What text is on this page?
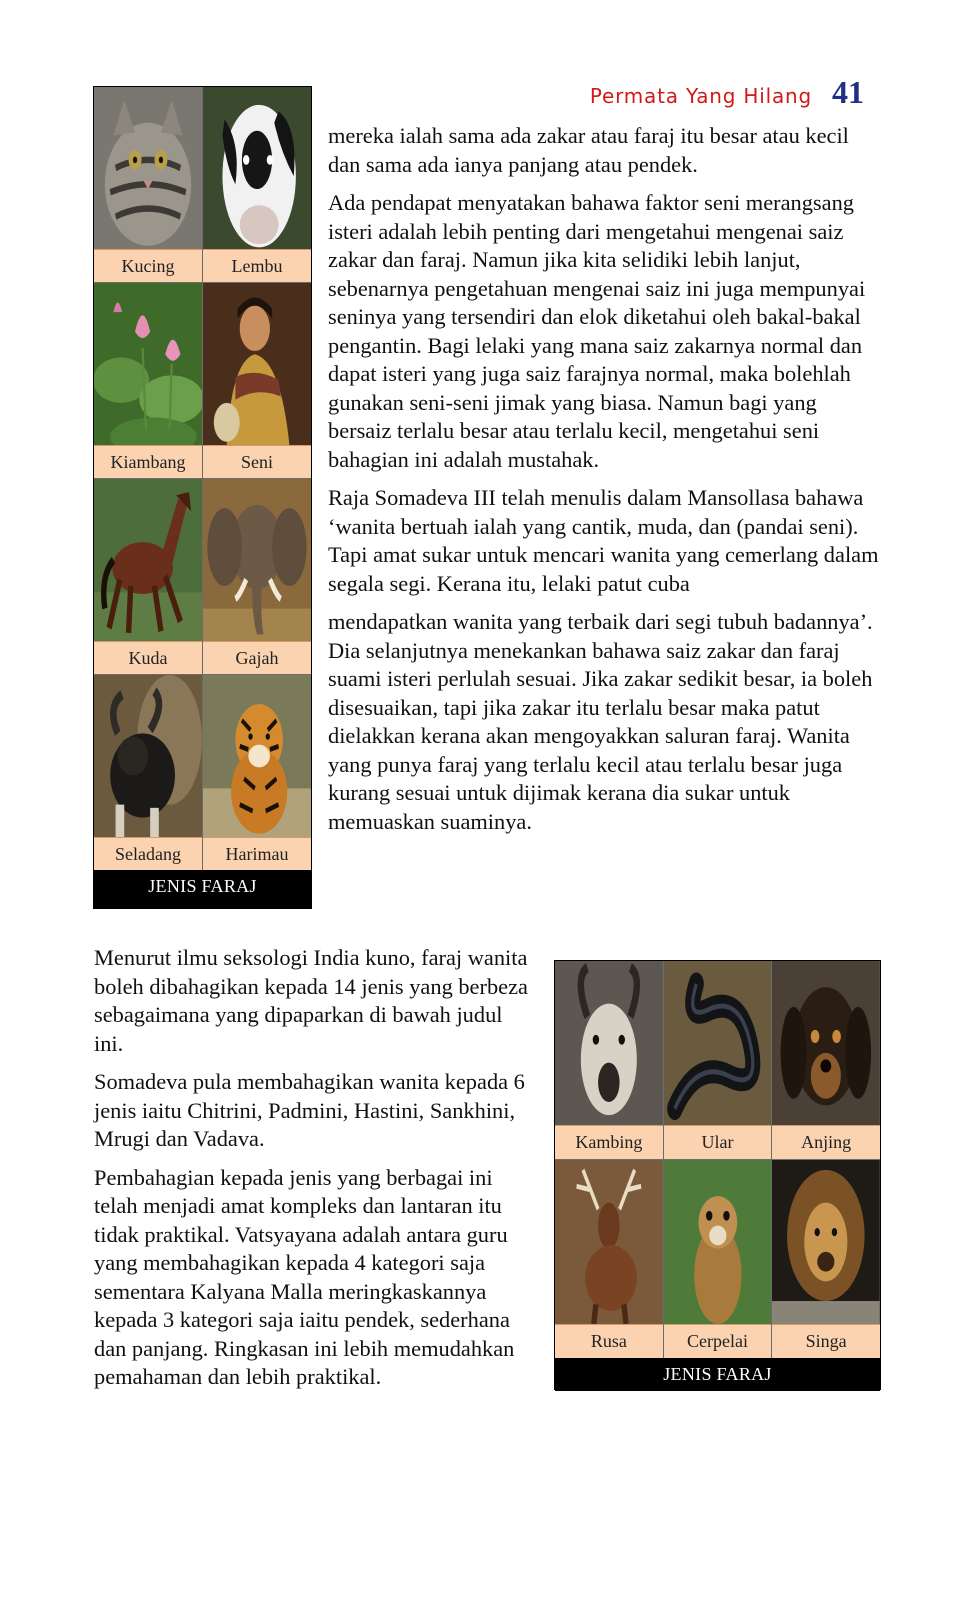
Permata Yang Hilang 41
Kucing	Lembu
Kiambang	Seni
Kuda	Gajah
Seladang	Harimau
JENIS FARAJ

mereka ialah sama ada zakar atau faraj itu besar atau kecil dan sama ada ianya panjang atau pendek.

Ada pendapat menyatakan bahawa faktor seni merangsang isteri adalah lebih penting dari mengetahui mengenai saiz zakar dan faraj. Namun jika kita selidiki lebih lanjut, sebenarnya pengetahuan mengenai saiz ini juga mempunyai seninya yang tersendiri dan elok diketahui oleh bakal-bakal pengantin. Bagi lelaki yang mana saiz zakarnya normal dan dapat isteri yang juga saiz farajnya normal, maka bolehlah gunakan seni-seni jimak yang biasa. Namun bagi yang bersaiz terlalu besar atau terlalu kecil, mengetahui seni bahagian ini adalah mustahak.

Raja Somadeva III telah menulis dalam Mansollasa bahawa ‘wanita bertuah ialah yang cantik, muda, dan (pandai seni). Tapi amat sukar untuk mencari wanita yang cemerlang dalam segala segi. Kerana itu, lelaki patut cuba

mendapatkan wanita yang terbaik dari segi tubuh badannya’. Dia selanjutnya menekankan bahawa saiz zakar dan faraj suami isteri perlulah sesuai. Jika zakar sedikit besar, ia boleh disesuaikan, tapi jika zakar itu terlalu besar maka patut dielakkan kerana akan mengoyakkan saluran faraj. Wanita yang punya faraj yang terlalu kecil atau terlalu besar juga kurang sesuai untuk dijimak kerana dia sukar untuk memuaskan suaminya.

Menurut ilmu seksologi India kuno, faraj wanita boleh dibahagikan kepada 14 jenis yang berbeza sebagaimana yang dipaparkan di bawah judul ini.

Somadeva pula membahagikan wanita kepada 6 jenis iaitu Chitrini, Padmini, Hastini, Sankhini, Mrugi dan Vadava.

Pembahagian kepada jenis yang berbagai ini telah menjadi amat kompleks dan lantaran itu tidak praktikal. Vatsyayana adalah antara guru yang membahagikan kepada 4 kategori saja sementara Kalyana Malla meringkaskannya kepada 3 kategori saja iaitu pendek, sederhana dan panjang. Ringkasan ini lebih memudahkan pemahaman dan lebih praktikal.

Kambing	Ular	Anjing
Rusa	Cerpelai	Singa
JENIS FARAJ
